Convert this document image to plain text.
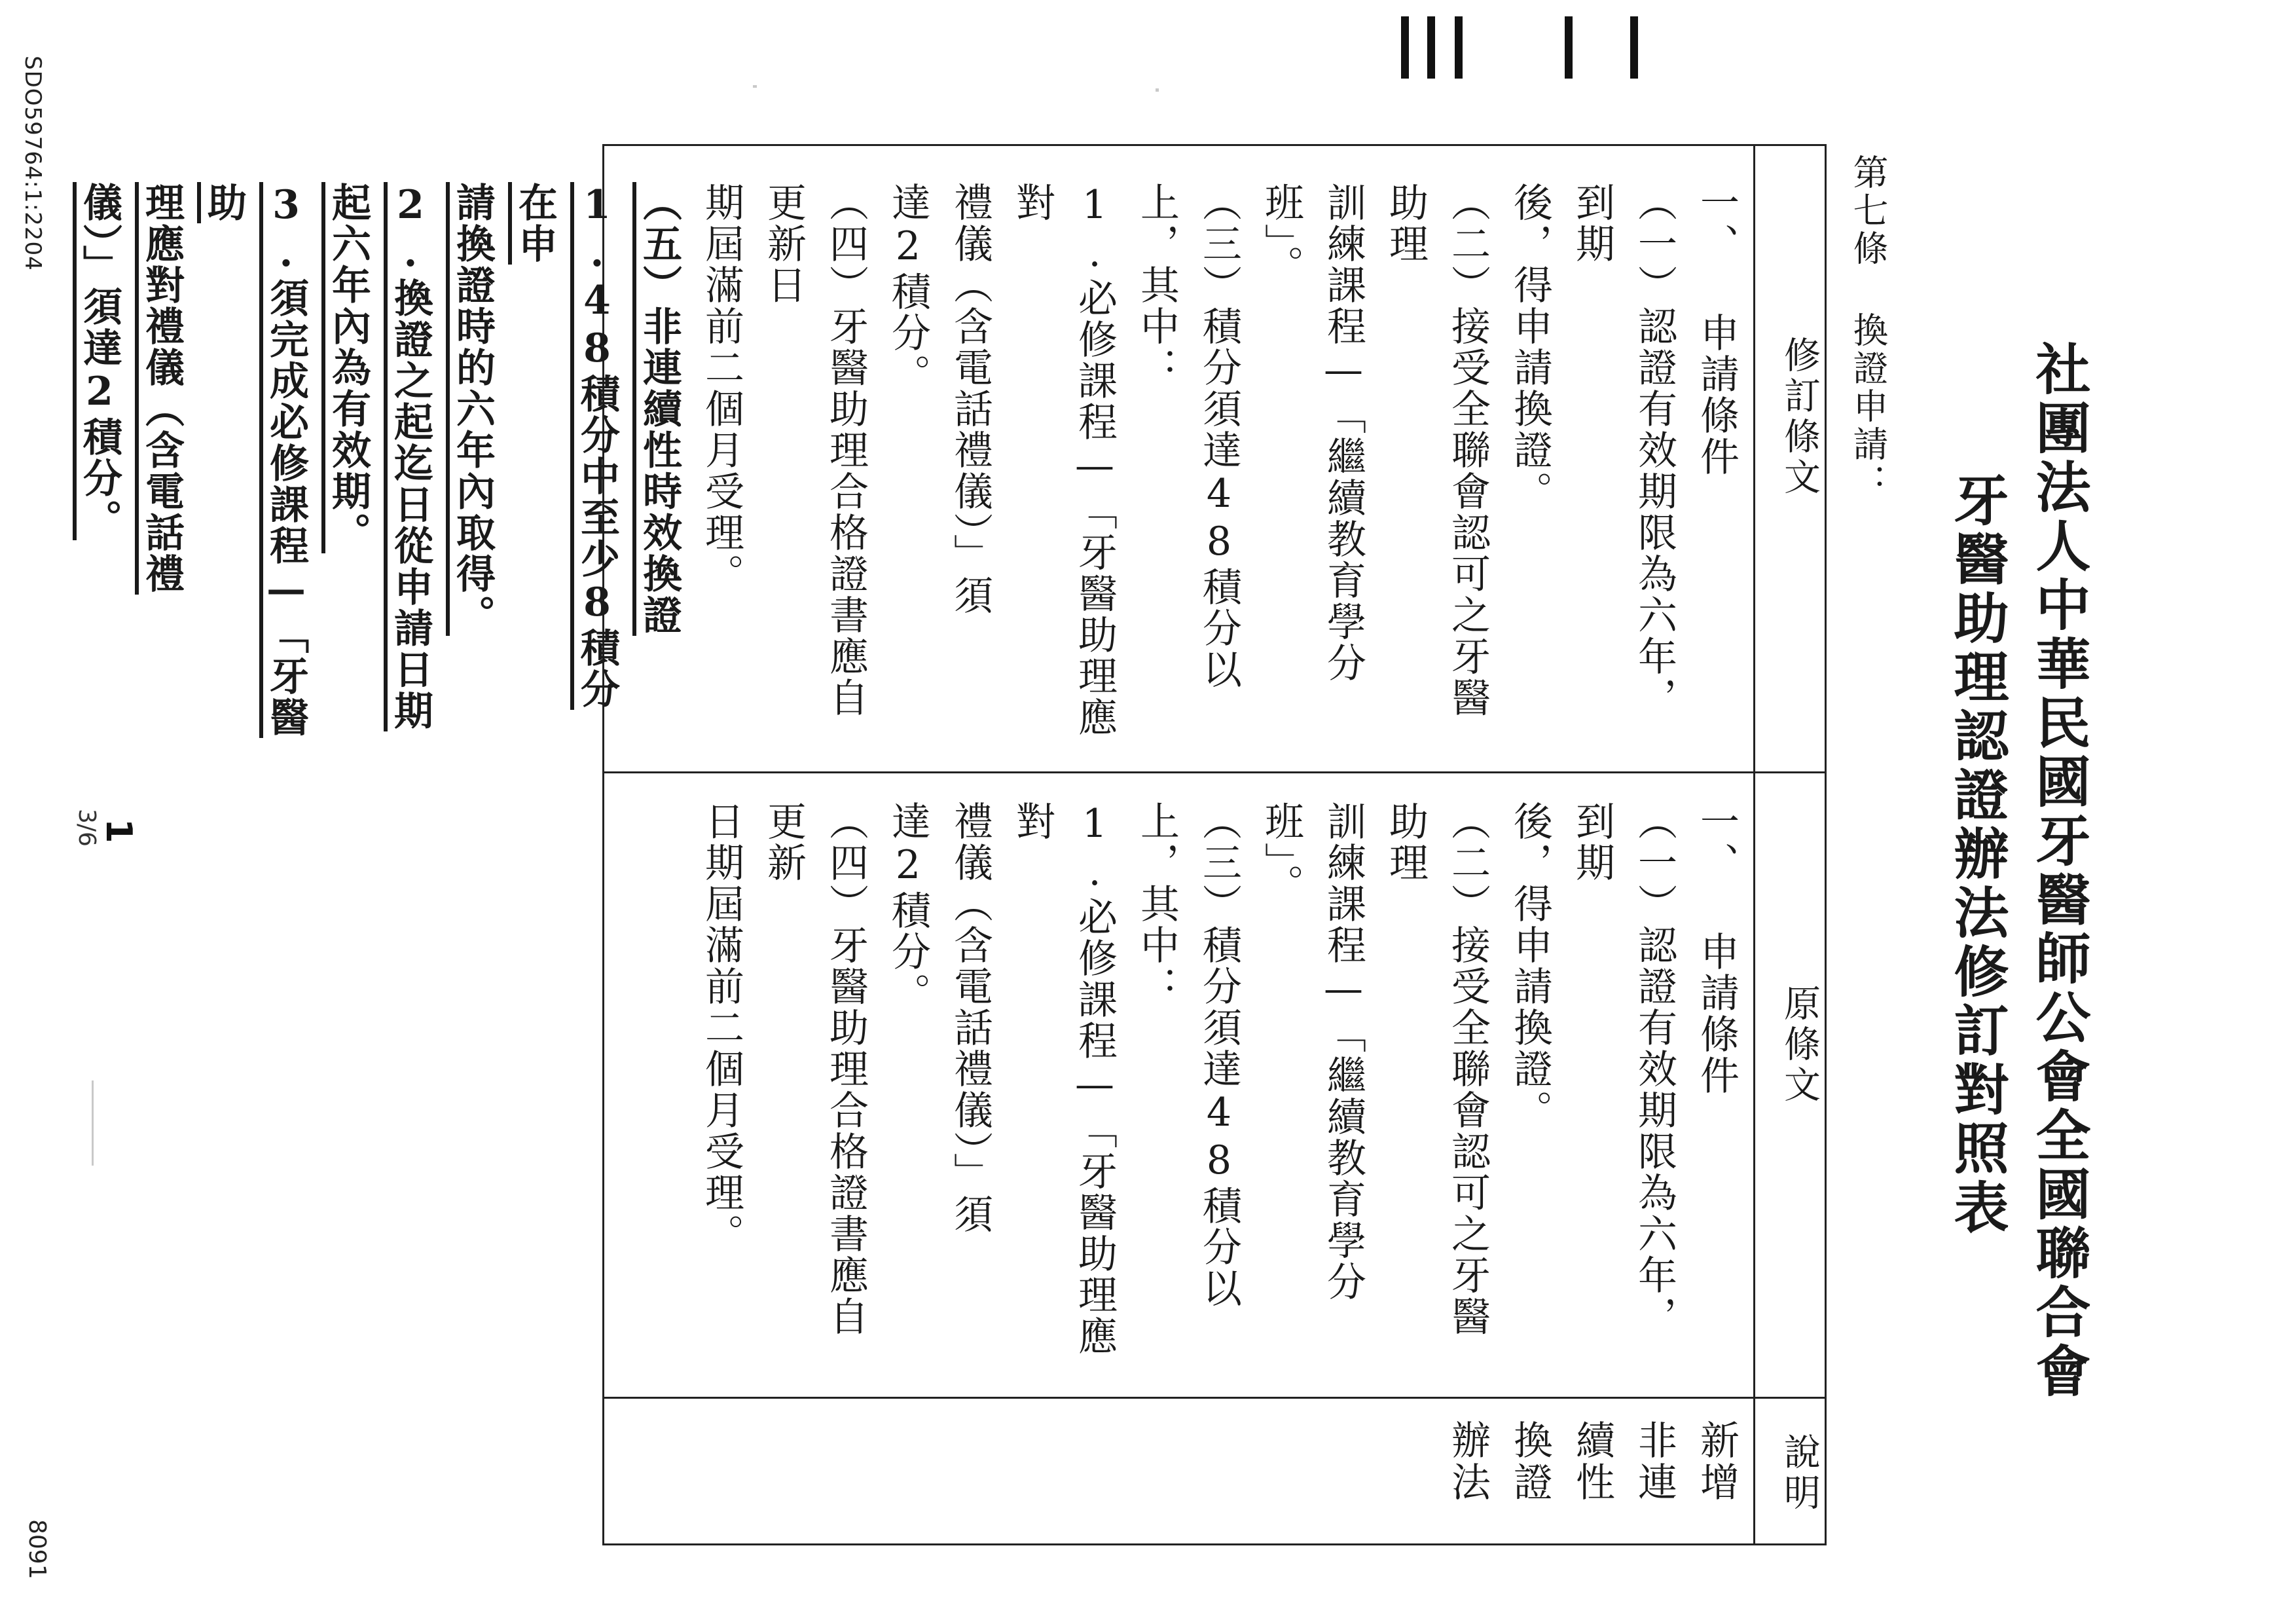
SDO59764:1:2204
3/6
1
8091
社團法人中華民國牙醫師公會全國聯合會
牙醫助理認證辦法修訂對照表
第七條 換證申請：
修訂條文
原條文
說明
一、 申請條件
（一）認證有效期限為六年，到期
後，得申請換證。
（二）接受全聯會認可之牙醫助理
訓練課程—「繼續教育學分
班」。
（三）積分須達48積分以上，其中：
1.必修課程—「牙醫助理應對
禮儀（含電話禮儀）」須
達2積分。
（四）牙醫助理合格證書應自更新日
期屆滿前二個月受理。
（五）非連續性時效換證
1.48積分中至少8積分在申
請換證時的六年內取得。
2.換證之起迄日從申請日期
起六年內為有效期。
3.須完成必修課程—「牙醫助
理應對禮儀（含電話禮
儀）」須達2積分。
一、 申請條件
（一）認證有效期限為六年，到期
後，得申請換證。
（二）接受全聯會認可之牙醫助理
訓練課程—「繼續教育學分
班」。
（三）積分須達48積分以上，其中：
1.必修課程—「牙醫助理應對
禮儀（含電話禮儀）」須
達2積分。
（四）牙醫助理合格證書應自更新
日期屆滿前二個月受理。
新增非連續性換證辦法
